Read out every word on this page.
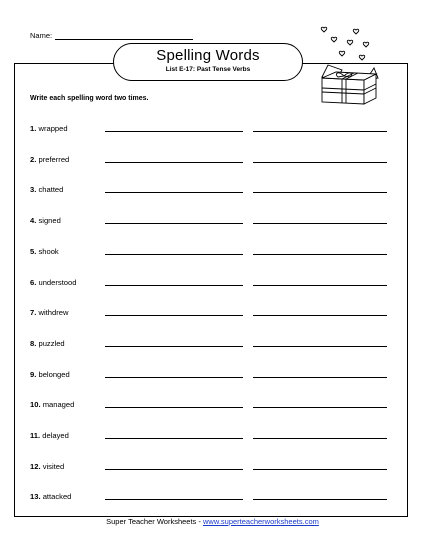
Name:
Spelling Words
List E-17: Past Tense Verbs
Write each spelling word two times.
1. wrapped
2. preferred
3. chatted
4. signed
5. shook
6. understood
7. withdrew
8. puzzled
9. belonged
10. managed
11. delayed
12. visited
13. attacked
Super Teacher Worksheets - www.superteacherworksheets.com
